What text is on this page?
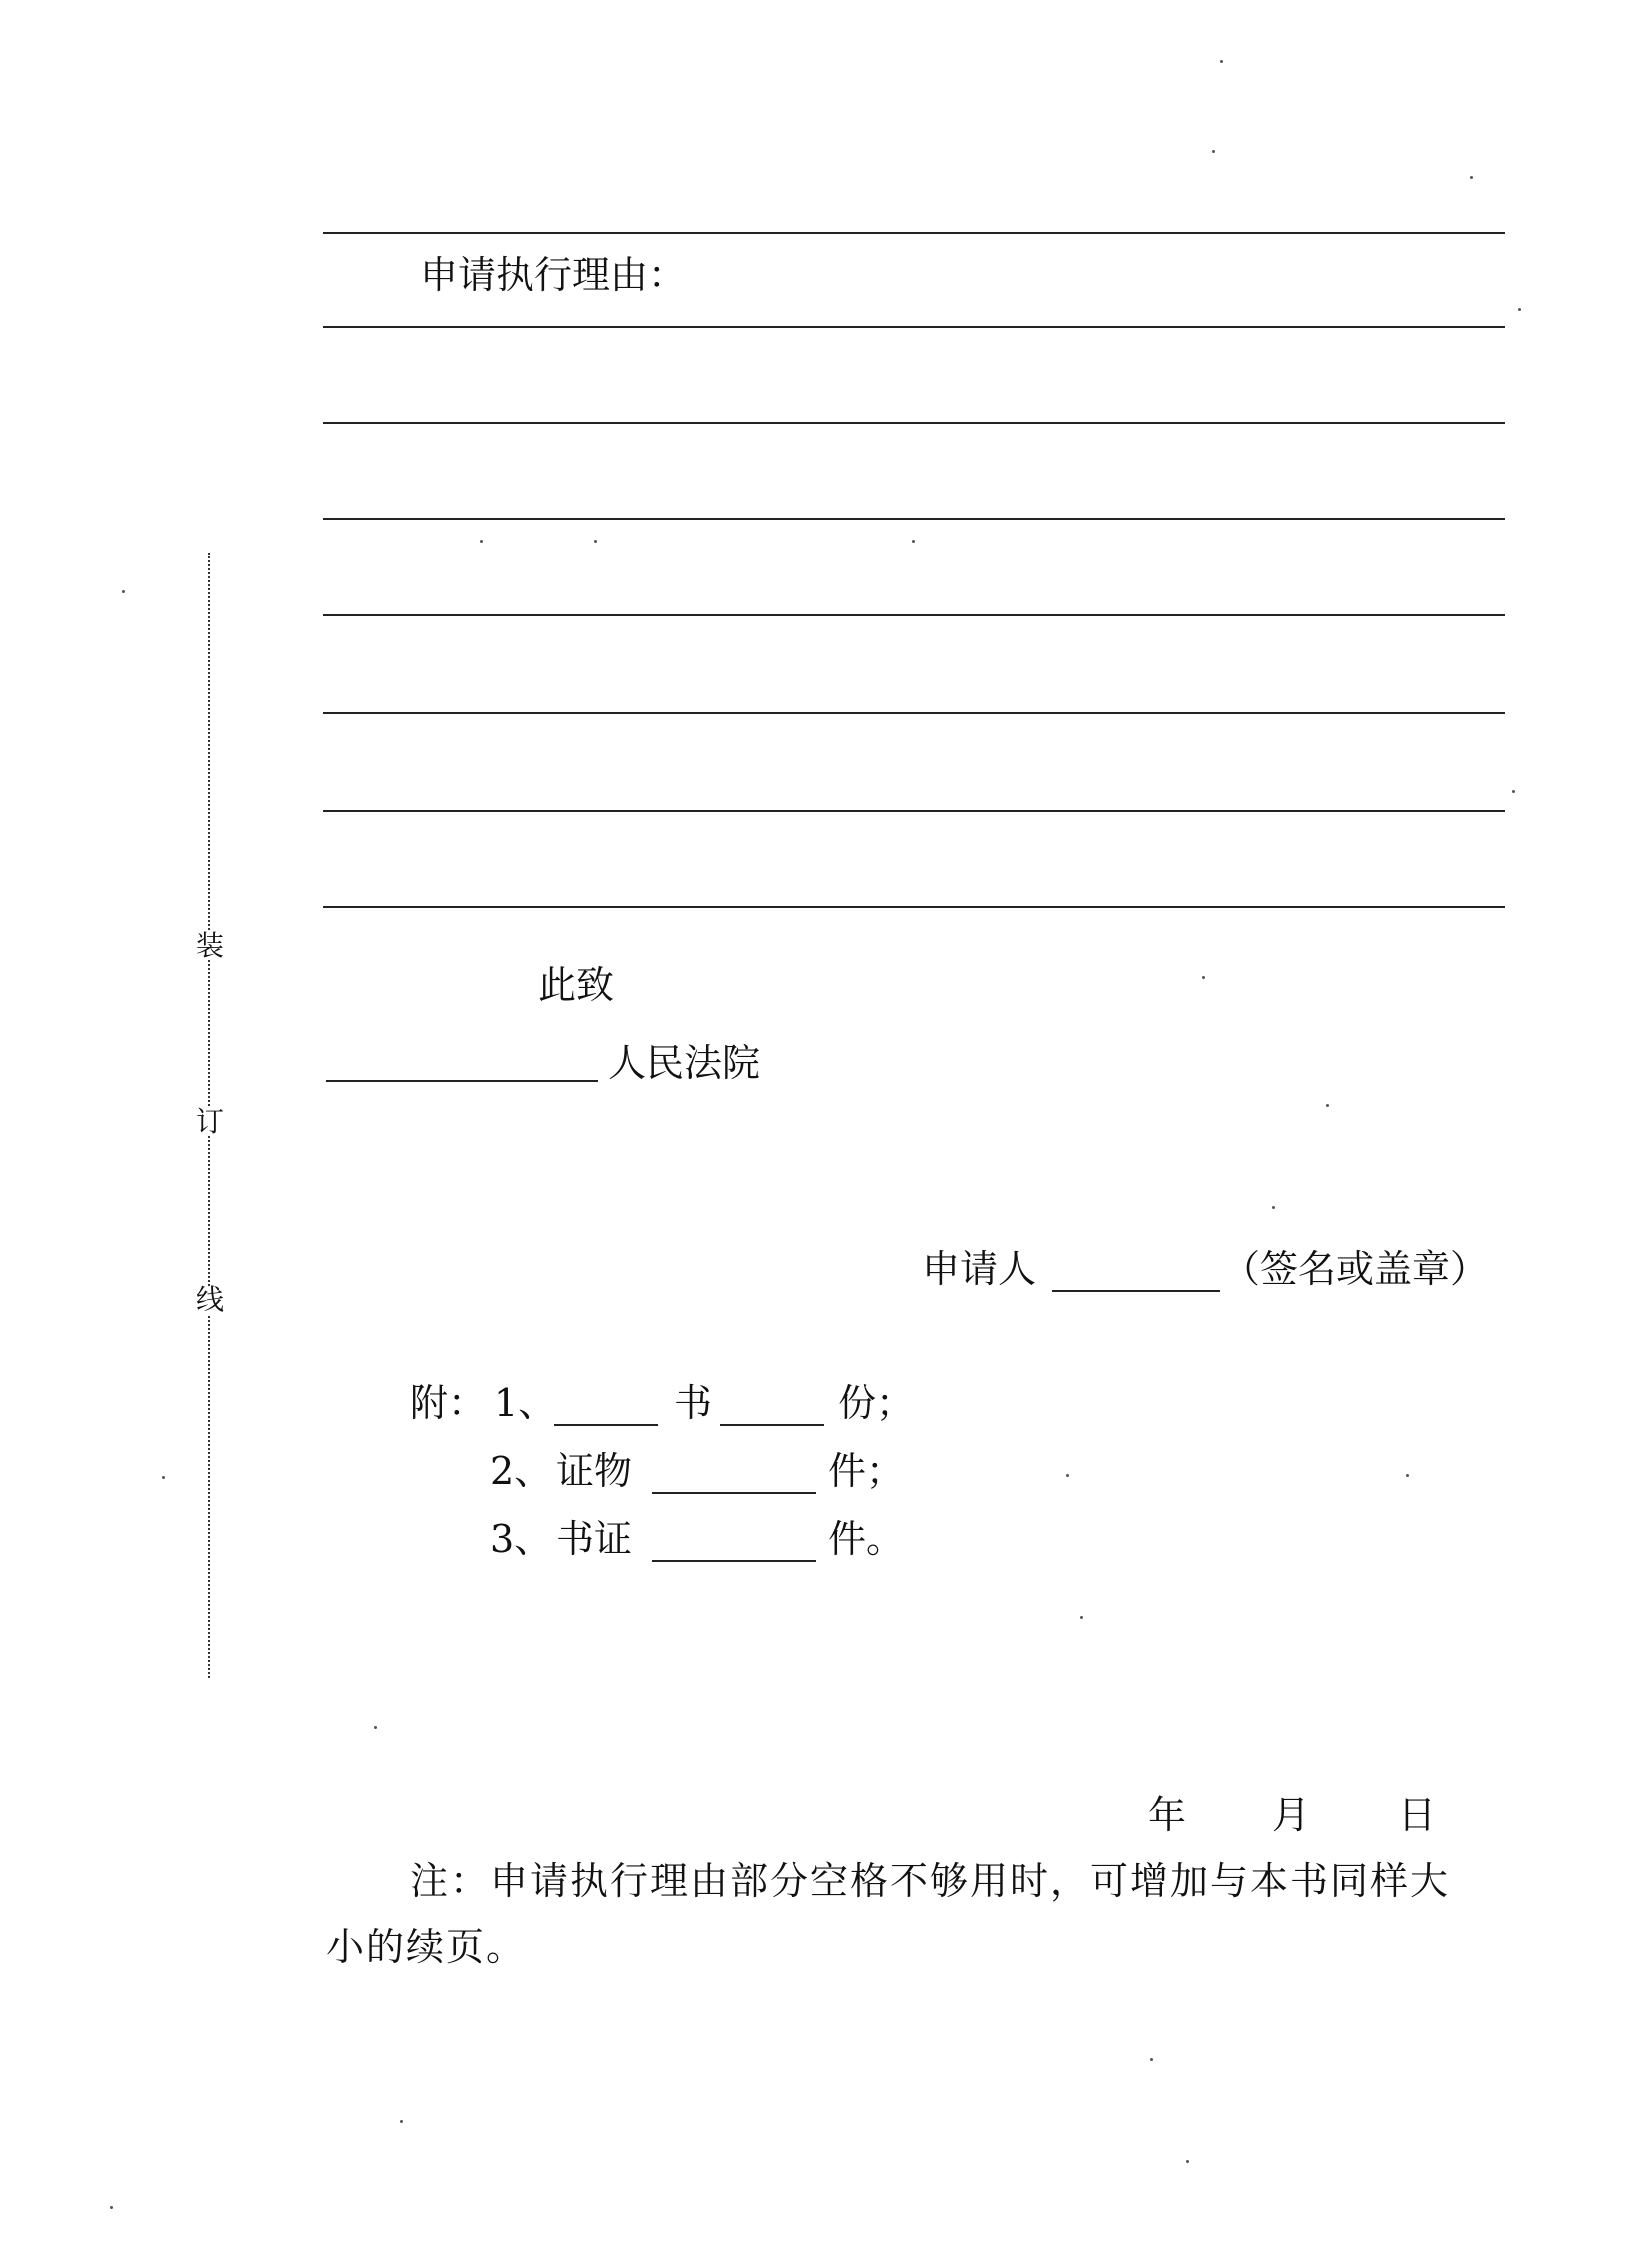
装
订
线
申请执行理由：
此致
人民法院
申请人	（签名或盖章）
附： 1、	书	份；
2、 证物	件；
3、 书证	件。
年 月 日
注：申请执行理由部分空格不够用时，可增加与本书同样大
小的续页。
